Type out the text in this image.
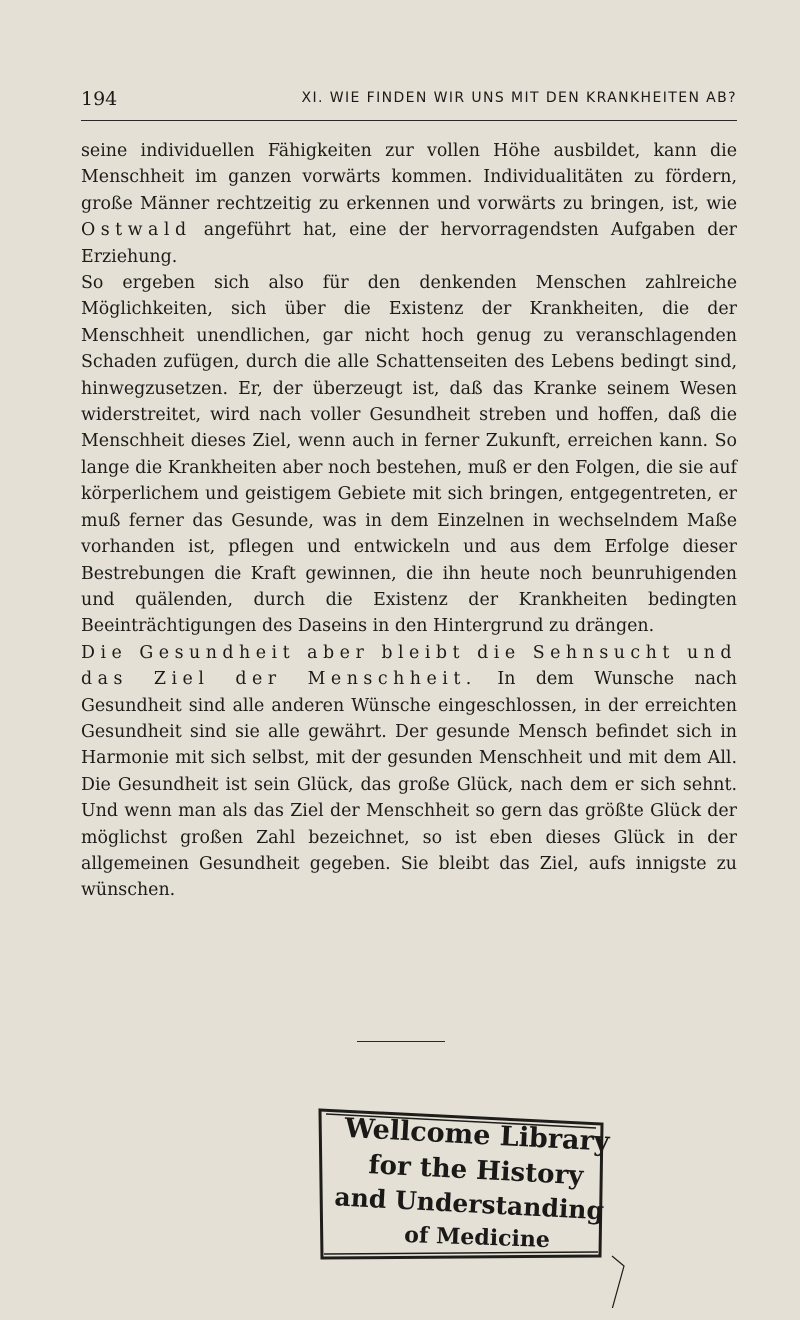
194	XI. WIE FINDEN WIR UNS MIT DEN KRANKHEITEN AB?

seine individuellen Fähigkeiten zur vollen Höhe ausbildet, kann die Menschheit im ganzen vorwärts kommen. Individualitäten zu fördern, große Männer rechtzeitig zu erkennen und vorwärts zu bringen, ist, wie Ostwald angeführt hat, eine der hervorragendsten Aufgaben der Erziehung.

So ergeben sich also für den denkenden Menschen zahlreiche Möglichkeiten, sich über die Existenz der Krankheiten, die der Menschheit unendlichen, gar nicht hoch genug zu veranschlagenden Schaden zufügen, durch die alle Schattenseiten des Lebens bedingt sind, hinwegzusetzen. Er, der überzeugt ist, daß das Kranke seinem Wesen widerstreitet, wird nach voller Gesundheit streben und hoffen, daß die Menschheit dieses Ziel, wenn auch in ferner Zukunft, erreichen kann. So lange die Krankheiten aber noch bestehen, muß er den Folgen, die sie auf körperlichem und geistigem Gebiete mit sich bringen, entgegentreten, er muß ferner das Gesunde, was in dem Einzelnen in wechselndem Maße vorhanden ist, pflegen und entwickeln und aus dem Erfolge dieser Bestrebungen die Kraft gewinnen, die ihn heute noch beunruhigenden und quälenden, durch die Existenz der Krankheiten bedingten Beeinträchtigungen des Daseins in den Hintergrund zu drängen.

Die Gesundheit aber bleibt die Sehnsucht und das Ziel der Menschheit. In dem Wunsche nach Gesundheit sind alle anderen Wünsche eingeschlossen, in der erreichten Gesundheit sind sie alle gewährt. Der gesunde Mensch befindet sich in Harmonie mit sich selbst, mit der gesunden Menschheit und mit dem All. Die Gesundheit ist sein Glück, das große Glück, nach dem er sich sehnt. Und wenn man als das Ziel der Menschheit so gern das größte Glück der möglichst großen Zahl bezeichnet, so ist eben dieses Glück in der allgemeinen Gesundheit gegeben. Sie bleibt das Ziel, aufs innigste zu wünschen.

Wellcome Library
for the History
and Understanding
of Medicine
